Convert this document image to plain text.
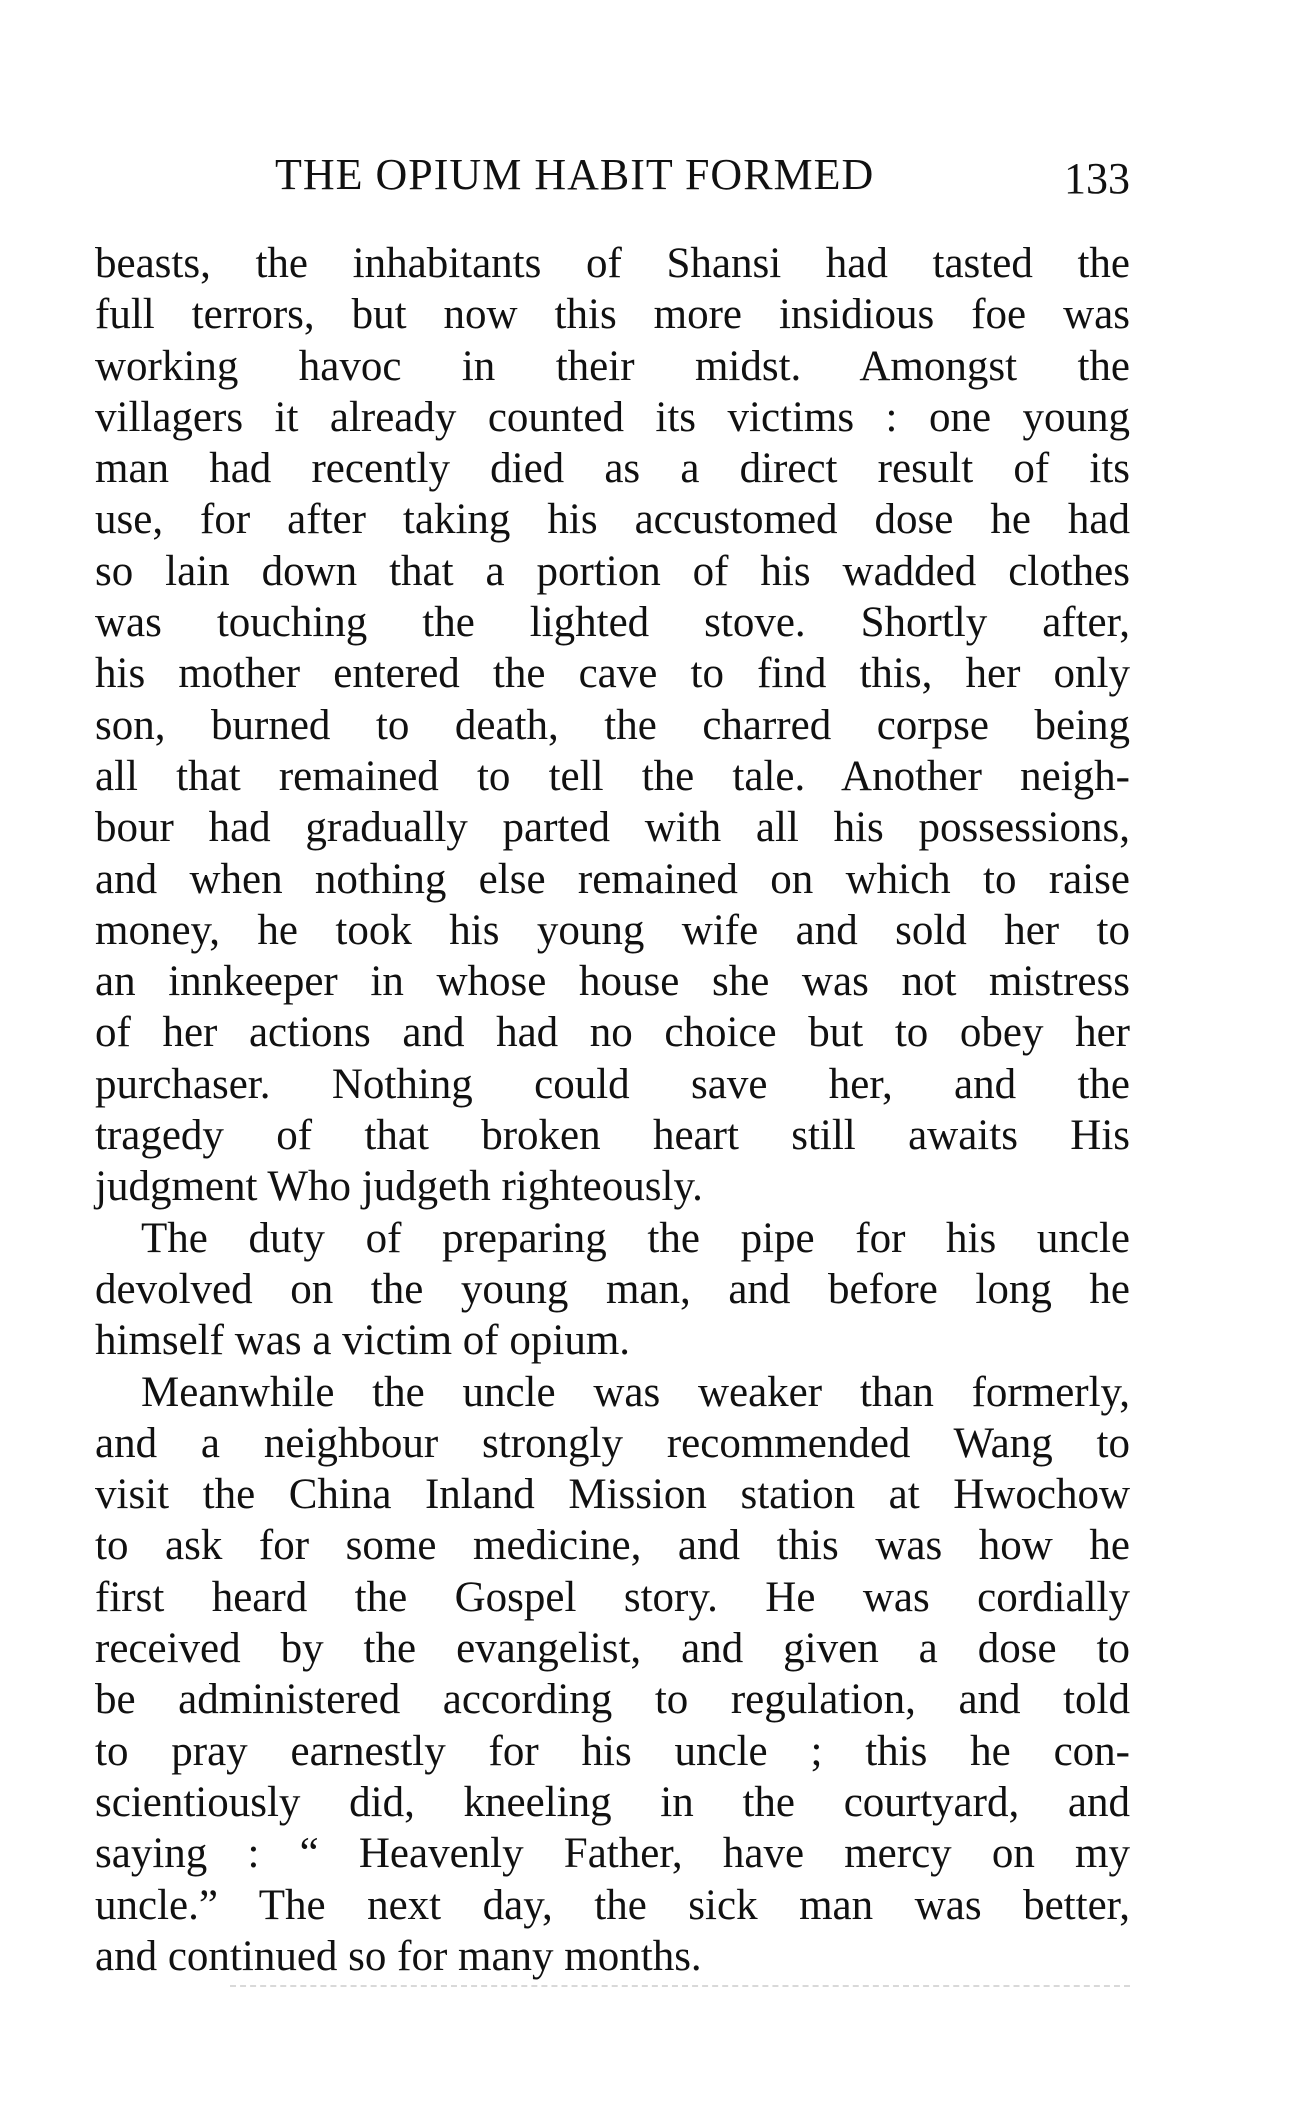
THE OPIUM HABIT FORMED	133
beasts, the inhabitants of Shansi had tasted the
full terrors, but now this more insidious foe was
working havoc in their midst. Amongst the
villagers it already counted its victims : one young
man had recently died as a direct result of its
use, for after taking his accustomed dose he had
so lain down that a portion of his wadded clothes
was touching the lighted stove. Shortly after,
his mother entered the cave to find this, her only
son, burned to death, the charred corpse being
all that remained to tell the tale. Another neigh-
bour had gradually parted with all his possessions,
and when nothing else remained on which to raise
money, he took his young wife and sold her to
an innkeeper in whose house she was not mistress
of her actions and had no choice but to obey her
purchaser. Nothing could save her, and the
tragedy of that broken heart still awaits His
judgment Who judgeth righteously.
The duty of preparing the pipe for his uncle
devolved on the young man, and before long he
himself was a victim of opium.
Meanwhile the uncle was weaker than formerly,
and a neighbour strongly recommended Wang to
visit the China Inland Mission station at Hwochow
to ask for some medicine, and this was how he
first heard the Gospel story. He was cordially
received by the evangelist, and given a dose to
be administered according to regulation, and told
to pray earnestly for his uncle ; this he con-
scientiously did, kneeling in the courtyard, and
saying : “ Heavenly Father, have mercy on my
uncle.” The next day, the sick man was better,
and continued so for many months.
